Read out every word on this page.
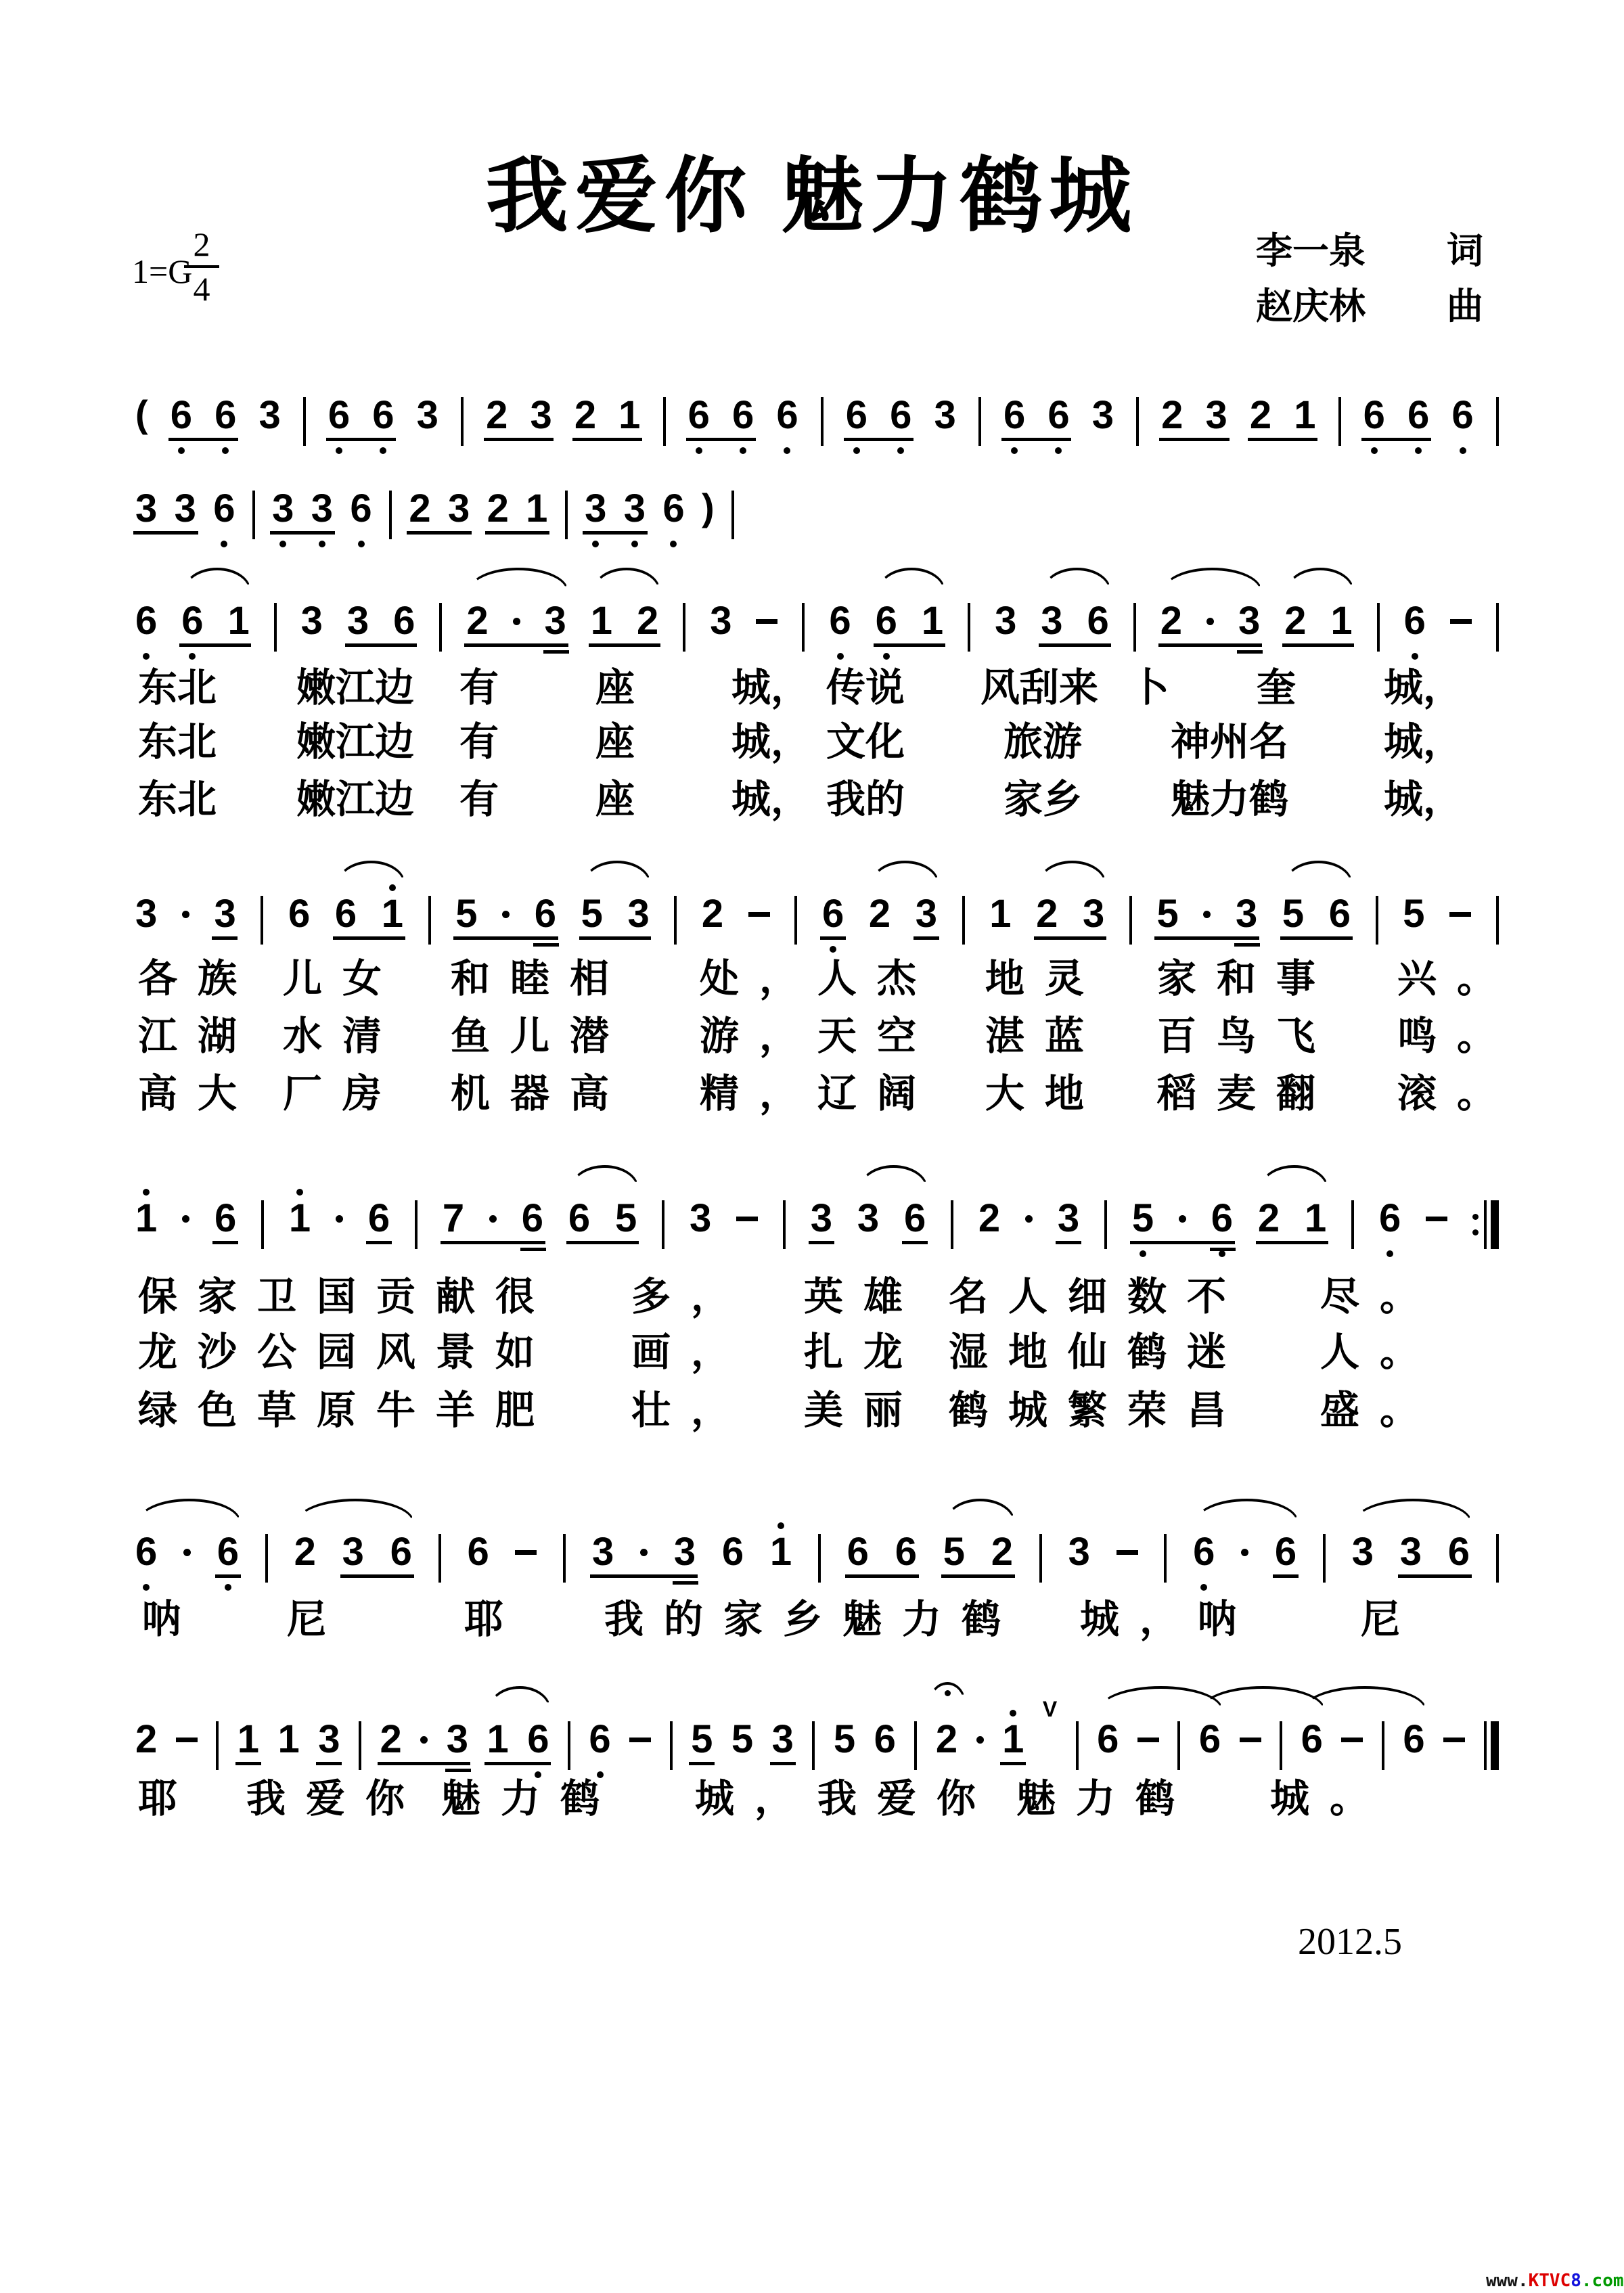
我爱你 魅力鹤城
1=G
2
4
李一泉 词
赵庆林 曲
( 6 6 3 6 6 3 2 3 2 1 6 6 6 6 6 3 6 6 3 2 3 2 1 6 6 6
3 3 6 3 3 6 2 3 2 1 3 3 6 )
6 6 1 3 3 6 2 3 1 2 3 6 6 1 3 3 6 2 3 2 1 6
3 3 6 6 1 5 6 5 3 2	6 2 3 1 2 3 5 3 5 6 5
1 6 1 6 7 6 6 5 3	3 3 6 2 3 5 6 2 1 6
6 6 2 3 6 6	3 3 6 1 6 6 5 2 3	6 6 3 3 6
2 1 1 3 2 3 1 6 6 5 5 3 5 6 2 1
V
6 6 6 6
东北 嫩江边 有 座 城， 传说 风刮来 卜 奎 城，
东北 嫩江边 有 座 城， 文化	旅游 神州名 城，
东北 嫩江边 有 座 城， 我的	家乡 魅力鹤 城，
各族 儿女 和睦相 处，
人杰 地灵 家和事 兴。
江湖 水清 鱼儿潜 游，
天空 湛蓝 百鸟飞 鸣。
高大 厂房 机器高 精，
辽阔 大地 稻麦翻 滚。
保家卫国贡献很 多， 英雄 名人细数不 尽。
龙沙公园风景如 画， 扎龙 湿地仙鹤迷 人。
绿色草原牛羊肥 壮， 美丽 鹤城繁荣昌 盛。
呐	尼	耶	我的家乡魅力鹤 城，
呐	尼
耶 我爱你 魅力鹤 城， 我爱你 魅力鹤 城。
2012.5
www.KTVC8.com
